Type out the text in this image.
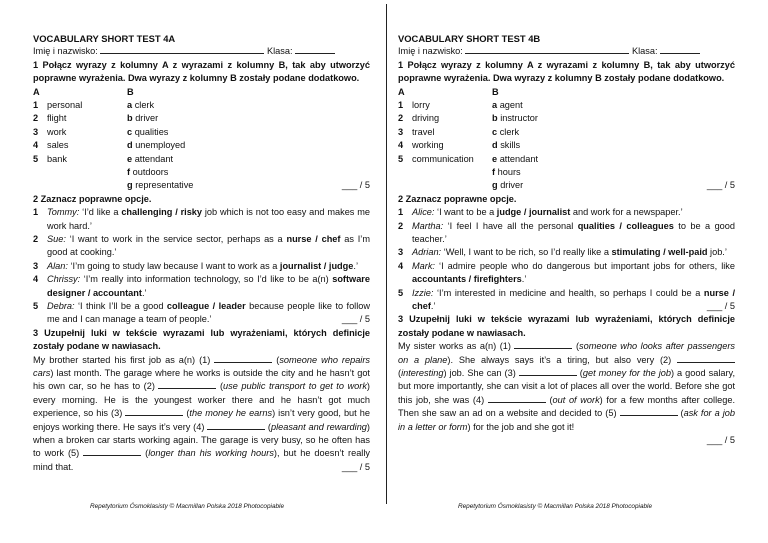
VOCABULARY SHORT TEST 4A
Imię i nazwisko:	Klasa:
1 Połącz wyrazy z kolumny A z wyrazami z kolumny B, tak aby utworzyć poprawne wyrażenia. Dwa wyrazy z kolumny B zostały podane dodatkowo.
A	B
1 personal	a clerk
2 flight	b driver
3 work	c qualities
4 sales	d unemployed
5 bank	e attendant
f outdoors
g representative	___ / 5
2 Zaznacz poprawne opcje.
1 Tommy: ‘I’d like a challenging / risky job which is not too easy and makes me work hard.’
2 Sue: ‘I want to work in the service sector, perhaps as a nurse / chef as I’m good at cooking.’
3 Alan: ‘I’m going to study law because I want to work as a journalist / judge.’
4 Chrissy: ‘I’m really into information technology, so I’d like to be a(n) software designer / accountant.’
5 Debra: ‘I think I’ll be a good colleague / leader because people like to follow me and I can manage a team of people.’	___ / 5
3 Uzupełnij luki w tekście wyrazami lub wyrażeniami, których definicje zostały podane w nawiasach.
My brother started his first job as a(n) (1)	(someone who repairs cars) last month. The garage where he works is outside the city and he hasn’t got his own car, so he has to (2)	(use public transport to get to work) every morning. He is the youngest worker there and he hasn’t got much experience, so his (3)	(the money he earns) isn’t very good, but he enjoys working there. He says it’s very (4)	(pleasant and rewarding) when a broken car starts working again. The garage is very busy, so he often has to work (5)	(longer than his working hours), but he doesn’t really mind that.	___ / 5
VOCABULARY SHORT TEST 4B
Imię i nazwisko:	Klasa:
1 Połącz wyrazy z kolumny A z wyrazami z kolumny B, tak aby utworzyć poprawne wyrażenia. Dwa wyrazy z kolumny B zostały podane dodatkowo.
A	B
1 lorry	a agent
2 driving	b instructor
3 travel	c clerk
4 working	d skills
5 communication	e attendant
f hours
g driver	___ / 5
2 Zaznacz poprawne opcje.
1 Alice: ‘I want to be a judge / journalist and work for a newspaper.’
2 Martha: ‘I feel I have all the personal qualities / colleagues to be a good teacher.’
3 Adrian: ‘Well, I want to be rich, so I’d really like a stimulating / well-paid job.’
4 Mark: ‘I admire people who do dangerous but important jobs for others, like accountants / firefighters.’
5 Izzie: ‘I’m interested in medicine and health, so perhaps I could be a nurse / chef.’	___ / 5
3 Uzupełnij luki w tekście wyrazami lub wyrażeniami, których definicje zostały podane w nawiasach.
My sister works as a(n) (1)	(someone who looks after passengers on a plane). She always says it’s a tiring, but also very (2)  (interesting) job. She can (3)	(get money for the job) a good salary, but more importantly, she can visit a lot of places all over the world. Before she got this job, she was (4)	(out of work) for a few months after college. Then she saw an ad on a website and decided to (5)	(ask for a job in a letter or form) for the job and she got it!
___ / 5
Repetytorium Ósmoklasisty © Macmillan Polska 2018 Photocopiable	Repetytorium Ósmoklasisty © Macmillan Polska 2018 Photocopiable
